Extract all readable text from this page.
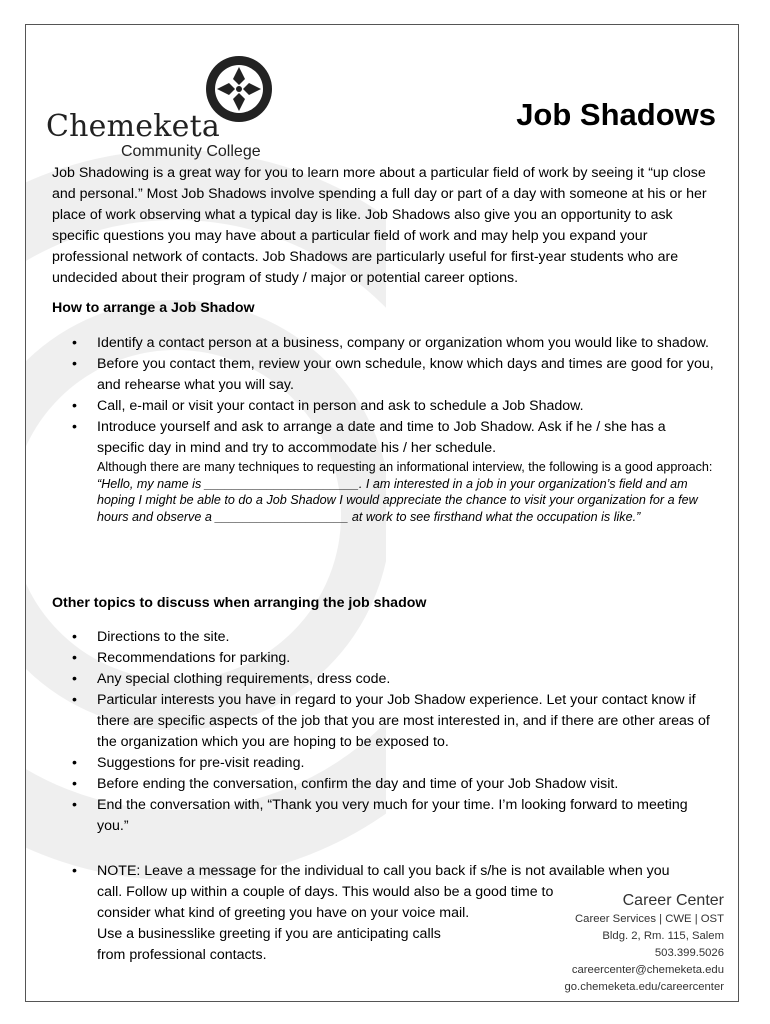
Chemeketa
Community College
Job Shadows

Job Shadowing is a great way for you to learn more about a particular field of work by seeing it “up close and personal.” Most Job Shadows involve spending a full day or part of a day with someone at his or her place of work observing what a typical day is like. Job Shadows also give you an opportunity to ask specific questions you may have about a particular field of work and may help you expand your professional network of contacts. Job Shadows are particularly useful for first-year students who are undecided about their program of study / major or potential career options.

How to arrange a Job Shadow
• Identify a contact person at a business, company or organization whom you would like to shadow.
• Before you contact them, review your own schedule, know which days and times are good for you, and rehearse what you will say.
• Call, e-mail or visit your contact in person and ask to schedule a Job Shadow.
• Introduce yourself and ask to arrange a date and time to Job Shadow. Ask if he / she has a specific day in mind and try to accommodate his / her schedule.

Although there are many techniques to requesting an informational interview, the following is a good approach:

“Hello, my name is ______________________. I am interested in a job in your organization’s field and am hoping I might be able to do a Job Shadow I would appreciate the chance to visit your organization for a few hours and observe a ___________________ at work to see firsthand what the occupation is like.”

Other topics to discuss when arranging the job shadow
• Directions to the site.
• Recommendations for parking.
• Any special clothing requirements, dress code.
• Particular interests you have in regard to your Job Shadow experience. Let your contact know if there are specific aspects of the job that you are most interested in, and if there are other areas of the organization which you are hoping to be exposed to.
• Suggestions for pre-visit reading.
• Before ending the conversation, confirm the day and time of your Job Shadow visit.
• End the conversation with, “Thank you very much for your time. I’m looking forward to meeting you.”
• NOTE: Leave a message for the individual to call you back if s/he is not available when you
call. Follow up within a couple of days. This would also be a good time to
consider what kind of greeting you have on your voice mail.
Use a businesslike greeting if you are anticipating calls
from professional contacts.
Career Center
Career Services | CWE | OST
Bldg. 2, Rm. 115, Salem
503.399.5026
careercenter@chemeketa.edu
go.chemeketa.edu/careercenter
